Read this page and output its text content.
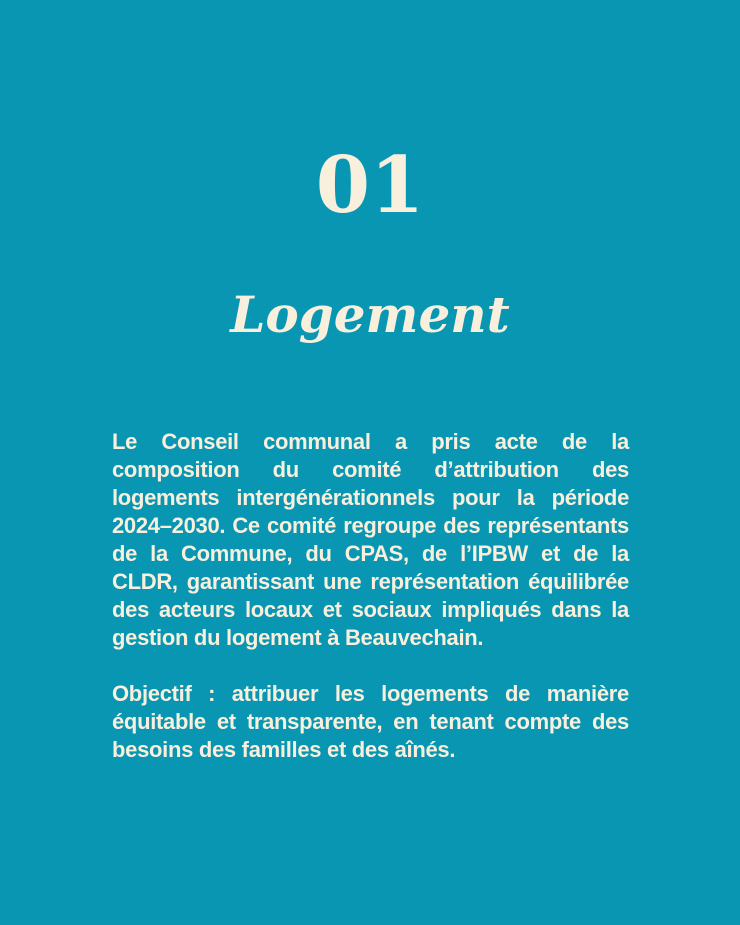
01
Logement

Le Conseil communal a pris acte de la composition du comité d’attribution des logements intergénérationnels pour la période 2024–2030. Ce comité regroupe des représentants de la Commune, du CPAS, de l’IPBW et de la CLDR, garantissant une représentation équilibrée des acteurs locaux et sociaux impliqués dans la gestion du logement à Beauvechain.

Objectif : attribuer les logements de manière équitable et transparente, en tenant compte des besoins des familles et des aînés.
